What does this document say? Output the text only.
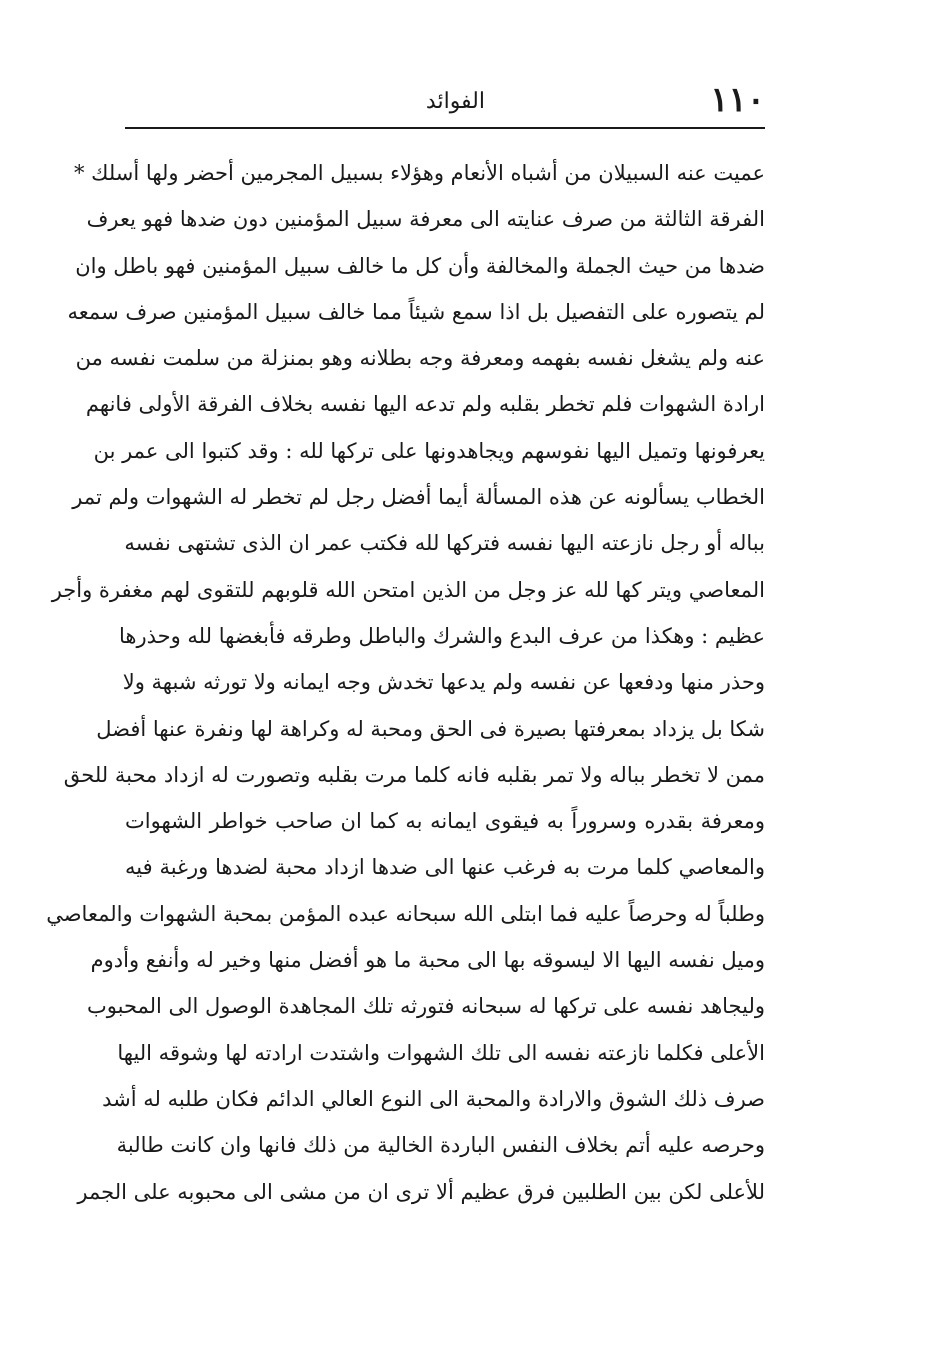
١١٠
الفوائد
عميت عنه السبيلان من أشباه الأنعام وهؤلاء بسبيل المجرمين أحضر ولها أسلك *
الفرقة الثالثة من صرف عنايته الى معرفة سبيل المؤمنين دون ضدها فهو يعرف
ضدها من حيث الجملة والمخالفة وأن كل ما خالف سبيل المؤمنين فهو باطل وان
لم يتصوره على التفصيل بل اذا سمع شيئاً مما خالف سبيل المؤمنين صرف سمعه
عنه ولم يشغل نفسه بفهمه ومعرفة وجه بطلانه وهو بمنزلة من سلمت نفسه من
ارادة الشهوات فلم تخطر بقلبه ولم تدعه اليها نفسه بخلاف الفرقة الأولى فانهم
يعرفونها وتميل اليها نفوسهم ويجاهدونها على تركها لله : وقد كتبوا الى عمر بن
الخطاب يسألونه عن هذه المسألة أيما أفضل رجل لم تخطر له الشهوات ولم تمر
بباله أو رجل نازعته اليها نفسه فتركها لله فكتب عمر ان الذى تشتهى نفسه
المعاصي ويتر كها لله عز وجل من الذين امتحن الله قلوبهم للتقوى لهم مغفرة وأجر
عظيم : وهكذا من عرف البدع والشرك والباطل وطرقه فأبغضها لله وحذرها
وحذر منها ودفعها عن نفسه ولم يدعها تخدش وجه ايمانه ولا تورثه شبهة ولا
شكا بل يزداد بمعرفتها بصيرة فى الحق ومحبة له وكراهة لها ونفرة عنها أفضل
ممن لا تخطر بباله ولا تمر بقلبه فانه كلما مرت بقلبه وتصورت له ازداد محبة للحق
ومعرفة بقدره وسروراً به فيقوى ايمانه به كما ان صاحب خواطر الشهوات
والمعاصي كلما مرت به فرغب عنها الى ضدها ازداد محبة لضدها ورغبة فيه
وطلباً له وحرصاً عليه فما ابتلى الله سبحانه عبده المؤمن بمحبة الشهوات والمعاصي
وميل نفسه اليها الا ليسوقه بها الى محبة ما هو أفضل منها وخير له وأنفع وأدوم
وليجاهد نفسه على تركها له سبحانه فتورثه تلك المجاهدة الوصول الى المحبوب
الأعلى فكلما نازعته نفسه الى تلك الشهوات واشتدت ارادته لها وشوقه اليها
صرف ذلك الشوق والارادة والمحبة الى النوع العالي الدائم فكان طلبه له أشد
وحرصه عليه أتم بخلاف النفس الباردة الخالية من ذلك فانها وان كانت طالبة
للأعلى لكن بين الطلبين فرق عظيم ألا ترى ان من مشى الى محبوبه على الجمر
